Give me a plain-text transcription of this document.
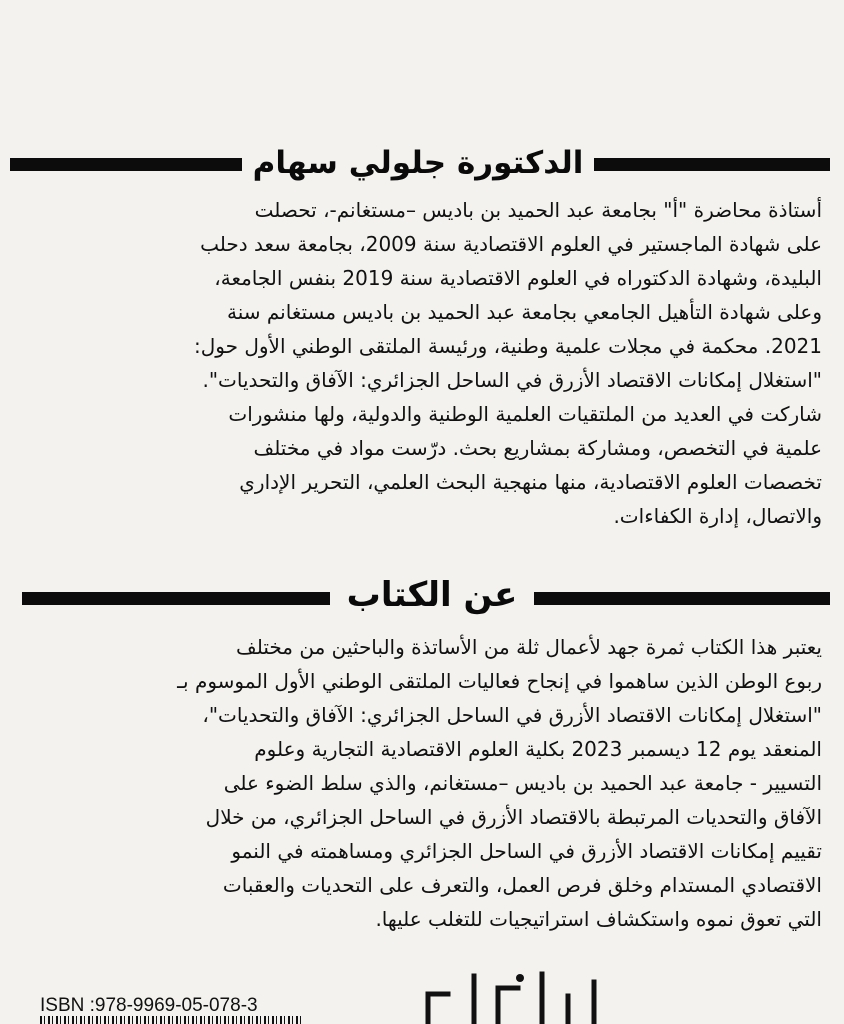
الدكتورة جلولي سهام
أستاذة محاضرة "أ" بجامعة عبد الحميد بن باديس –مستغانم-، تحصلت
على شهادة الماجستير في العلوم الاقتصادية سنة 2009، بجامعة سعد دحلب
البليدة، وشهادة الدكتوراه في العلوم الاقتصادية سنة 2019 بنفس الجامعة،
وعلى شهادة التأهيل الجامعي بجامعة عبد الحميد بن باديس مستغانم سنة
2021. محكمة في مجلات علمية وطنية، ورئيسة الملتقى الوطني الأول حول:
"استغلال إمكانات الاقتصاد الأزرق في الساحل الجزائري: الآفاق والتحديات".
شاركت في العديد من الملتقيات العلمية الوطنية والدولية، ولها منشورات
علمية في التخصص، ومشاركة بمشاريع بحث. درّست مواد في مختلف
تخصصات العلوم الاقتصادية، منها منهجية البحث العلمي، التحرير الإداري
والاتصال، إدارة الكفاءات.
عن الكتاب
يعتبر هذا الكتاب ثمرة جهد لأعمال ثلة من الأساتذة والباحثين من مختلف
ربوع الوطن الذين ساهموا في إنجاح فعاليات الملتقى الوطني الأول الموسوم بـ
"استغلال إمكانات الاقتصاد الأزرق في الساحل الجزائري: الآفاق والتحديات"،
المنعقد يوم 12 ديسمبر 2023 بكلية العلوم الاقتصادية التجارية وعلوم
التسيير - جامعة عبد الحميد بن باديس –مستغانم، والذي سلط الضوء على
الآفاق والتحديات المرتبطة بالاقتصاد الأزرق في الساحل الجزائري، من خلال
تقييم إمكانات الاقتصاد الأزرق في الساحل الجزائري ومساهمته في النمو
الاقتصادي المستدام وخلق فرص العمل، والتعرف على التحديات والعقبات
التي تعوق نموه واستكشاف استراتيجيات للتغلب عليها.
ISBN :978-9969-05-078-3
